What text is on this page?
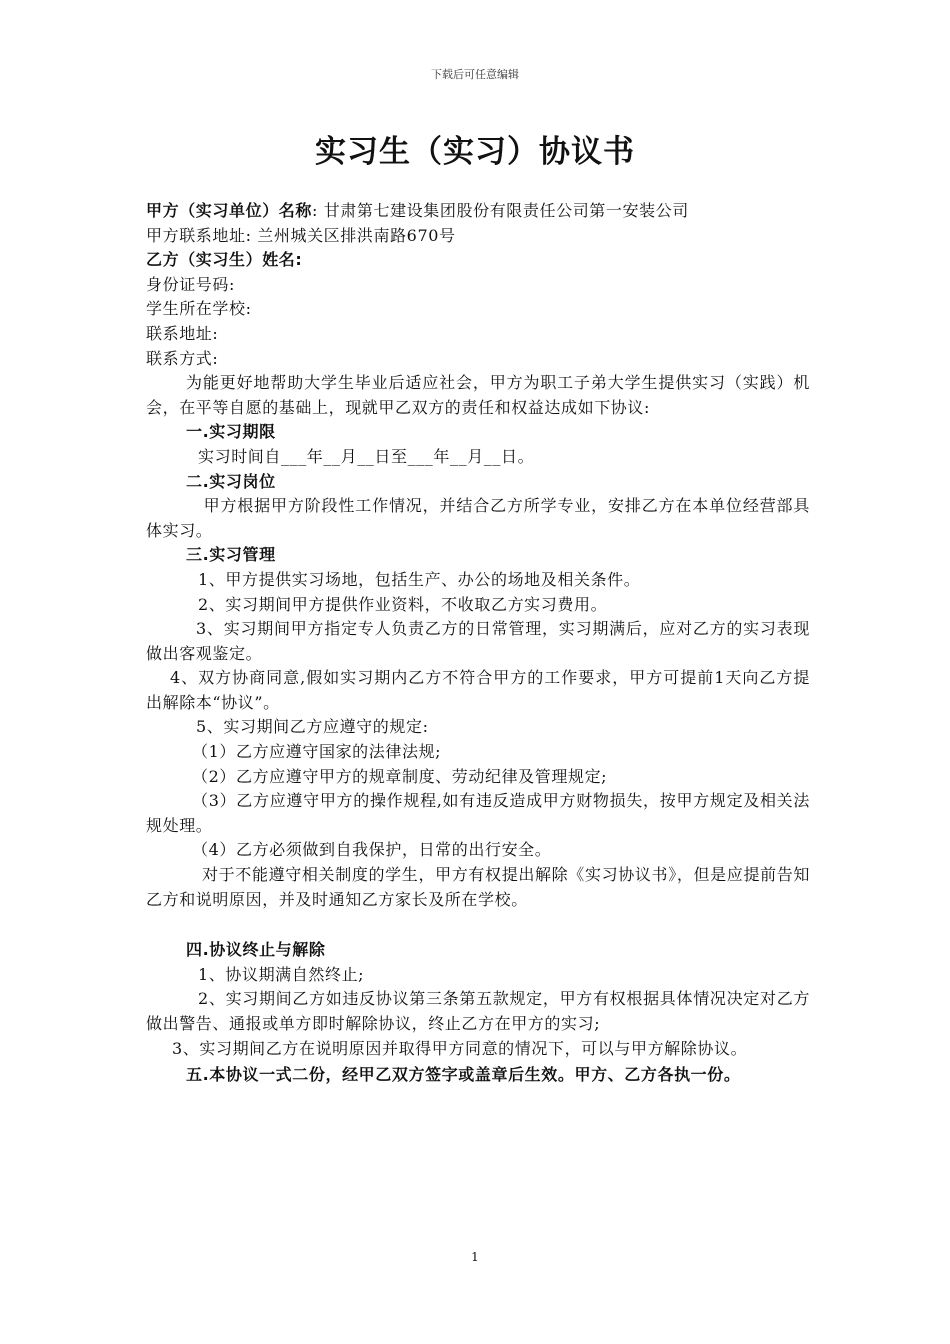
下载后可任意编辑
实习生（实习）协议书
甲方（实习单位）名称: 甘肃第七建设集团股份有限责任公司第一安装公司
甲方联系地址: 兰州城关区排洪南路670号
乙方（实习生）姓名:
身份证号码:
学生所在学校:
联系地址:
联系方式:
为能更好地帮助大学生毕业后适应社会，甲方为职工子弟大学生提供实习（实践）机会，在平等自愿的基础上，现就甲乙双方的责任和权益达成如下协议:
一.实习期限
实习时间自___年__月__日至___年__月__日。
二.实习岗位
甲方根据甲方阶段性工作情况，并结合乙方所学专业，安排乙方在本单位经营部具体实习。
三.实习管理
1、甲方提供实习场地，包括生产、办公的场地及相关条件。
2、实习期间甲方提供作业资料，不收取乙方实习费用。
3、实习期间甲方指定专人负责乙方的日常管理，实习期满后，应对乙方的实习表现做出客观鉴定。
4、双方协商同意,假如实习期内乙方不符合甲方的工作要求，甲方可提前1天向乙方提出解除本“协议”。
5、实习期间乙方应遵守的规定:
（1）乙方应遵守国家的法律法规;
（2）乙方应遵守甲方的规章制度、劳动纪律及管理规定;
（3）乙方应遵守甲方的操作规程,如有违反造成甲方财物损失，按甲方规定及相关法规处理。
（4）乙方必须做到自我保护，日常的出行安全。
对于不能遵守相关制度的学生，甲方有权提出解除《实习协议书》，但是应提前告知乙方和说明原因，并及时通知乙方家长及所在学校。
四.协议终止与解除
1、协议期满自然终止;
2、实习期间乙方如违反协议第三条第五款规定，甲方有权根据具体情况决定对乙方做出警告、通报或单方即时解除协议，终止乙方在甲方的实习;
3、实习期间乙方在说明原因并取得甲方同意的情况下，可以与甲方解除协议。
五.本协议一式二份，经甲乙双方签字或盖章后生效。甲方、乙方各执一份。
1
